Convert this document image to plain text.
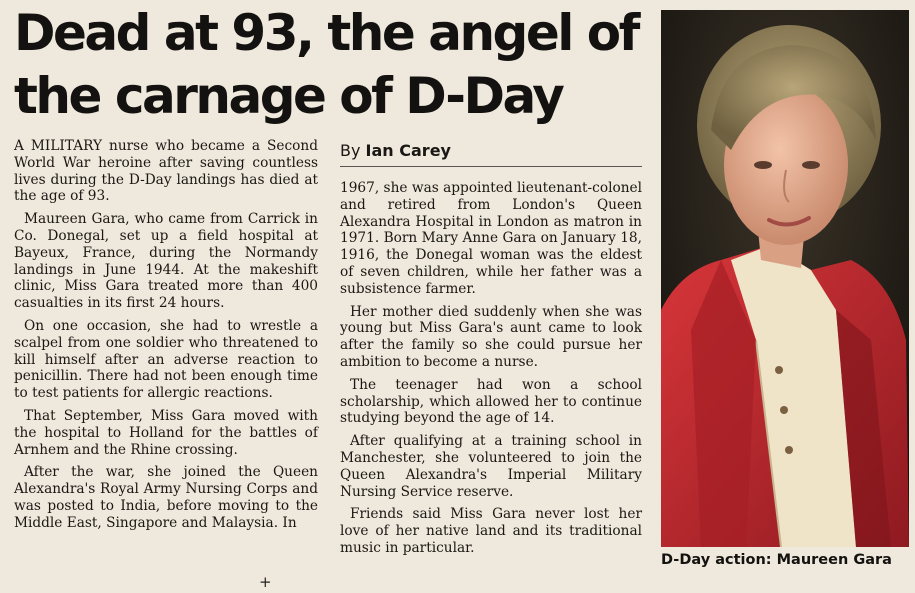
Dead at 93, the angel of
the carnage of D-Day

A MILITARY nurse who became a Second World War heroine after saving countless lives during the D-Day landings has died at the age of 93.

Maureen Gara, who came from Carrick in Co. Donegal, set up a field hospital at Bayeux, France, during the Normandy landings in June 1944. At the makeshift clinic, Miss Gara treated more than 400 casualties in its first 24 hours.

On one occasion, she had to wrestle a scalpel from one soldier who threatened to kill himself after an adverse reaction to penicillin. There had not been enough time to test patients for allergic reactions.

That September, Miss Gara moved with the hospital to Holland for the battles of Arnhem and the Rhine crossing.

After the war, she joined the Queen Alexandra's Royal Army Nursing Corps and was posted to India, before moving to the Middle East, Singapore and Malaysia. In

By Ian Carey

1967, she was appointed lieutenant-colonel and retired from London's Queen Alexandra Hospital in London as matron in 1971. Born Mary Anne Gara on January 18, 1916, the Donegal woman was the eldest of seven children, while her father was a subsistence farmer.

Her mother died suddenly when she was young but Miss Gara's aunt came to look after the family so she could pursue her ambition to become a nurse.

The teenager had won a school scholarship, which allowed her to continue studying beyond the age of 14.

After qualifying at a training school in Manchester, she volunteered to join the Queen Alexandra's Imperial Military Nursing Service reserve.

Friends said Miss Gara never lost her love of her native land and its traditional music in particular.

+
D-Day action: Maureen Gara
